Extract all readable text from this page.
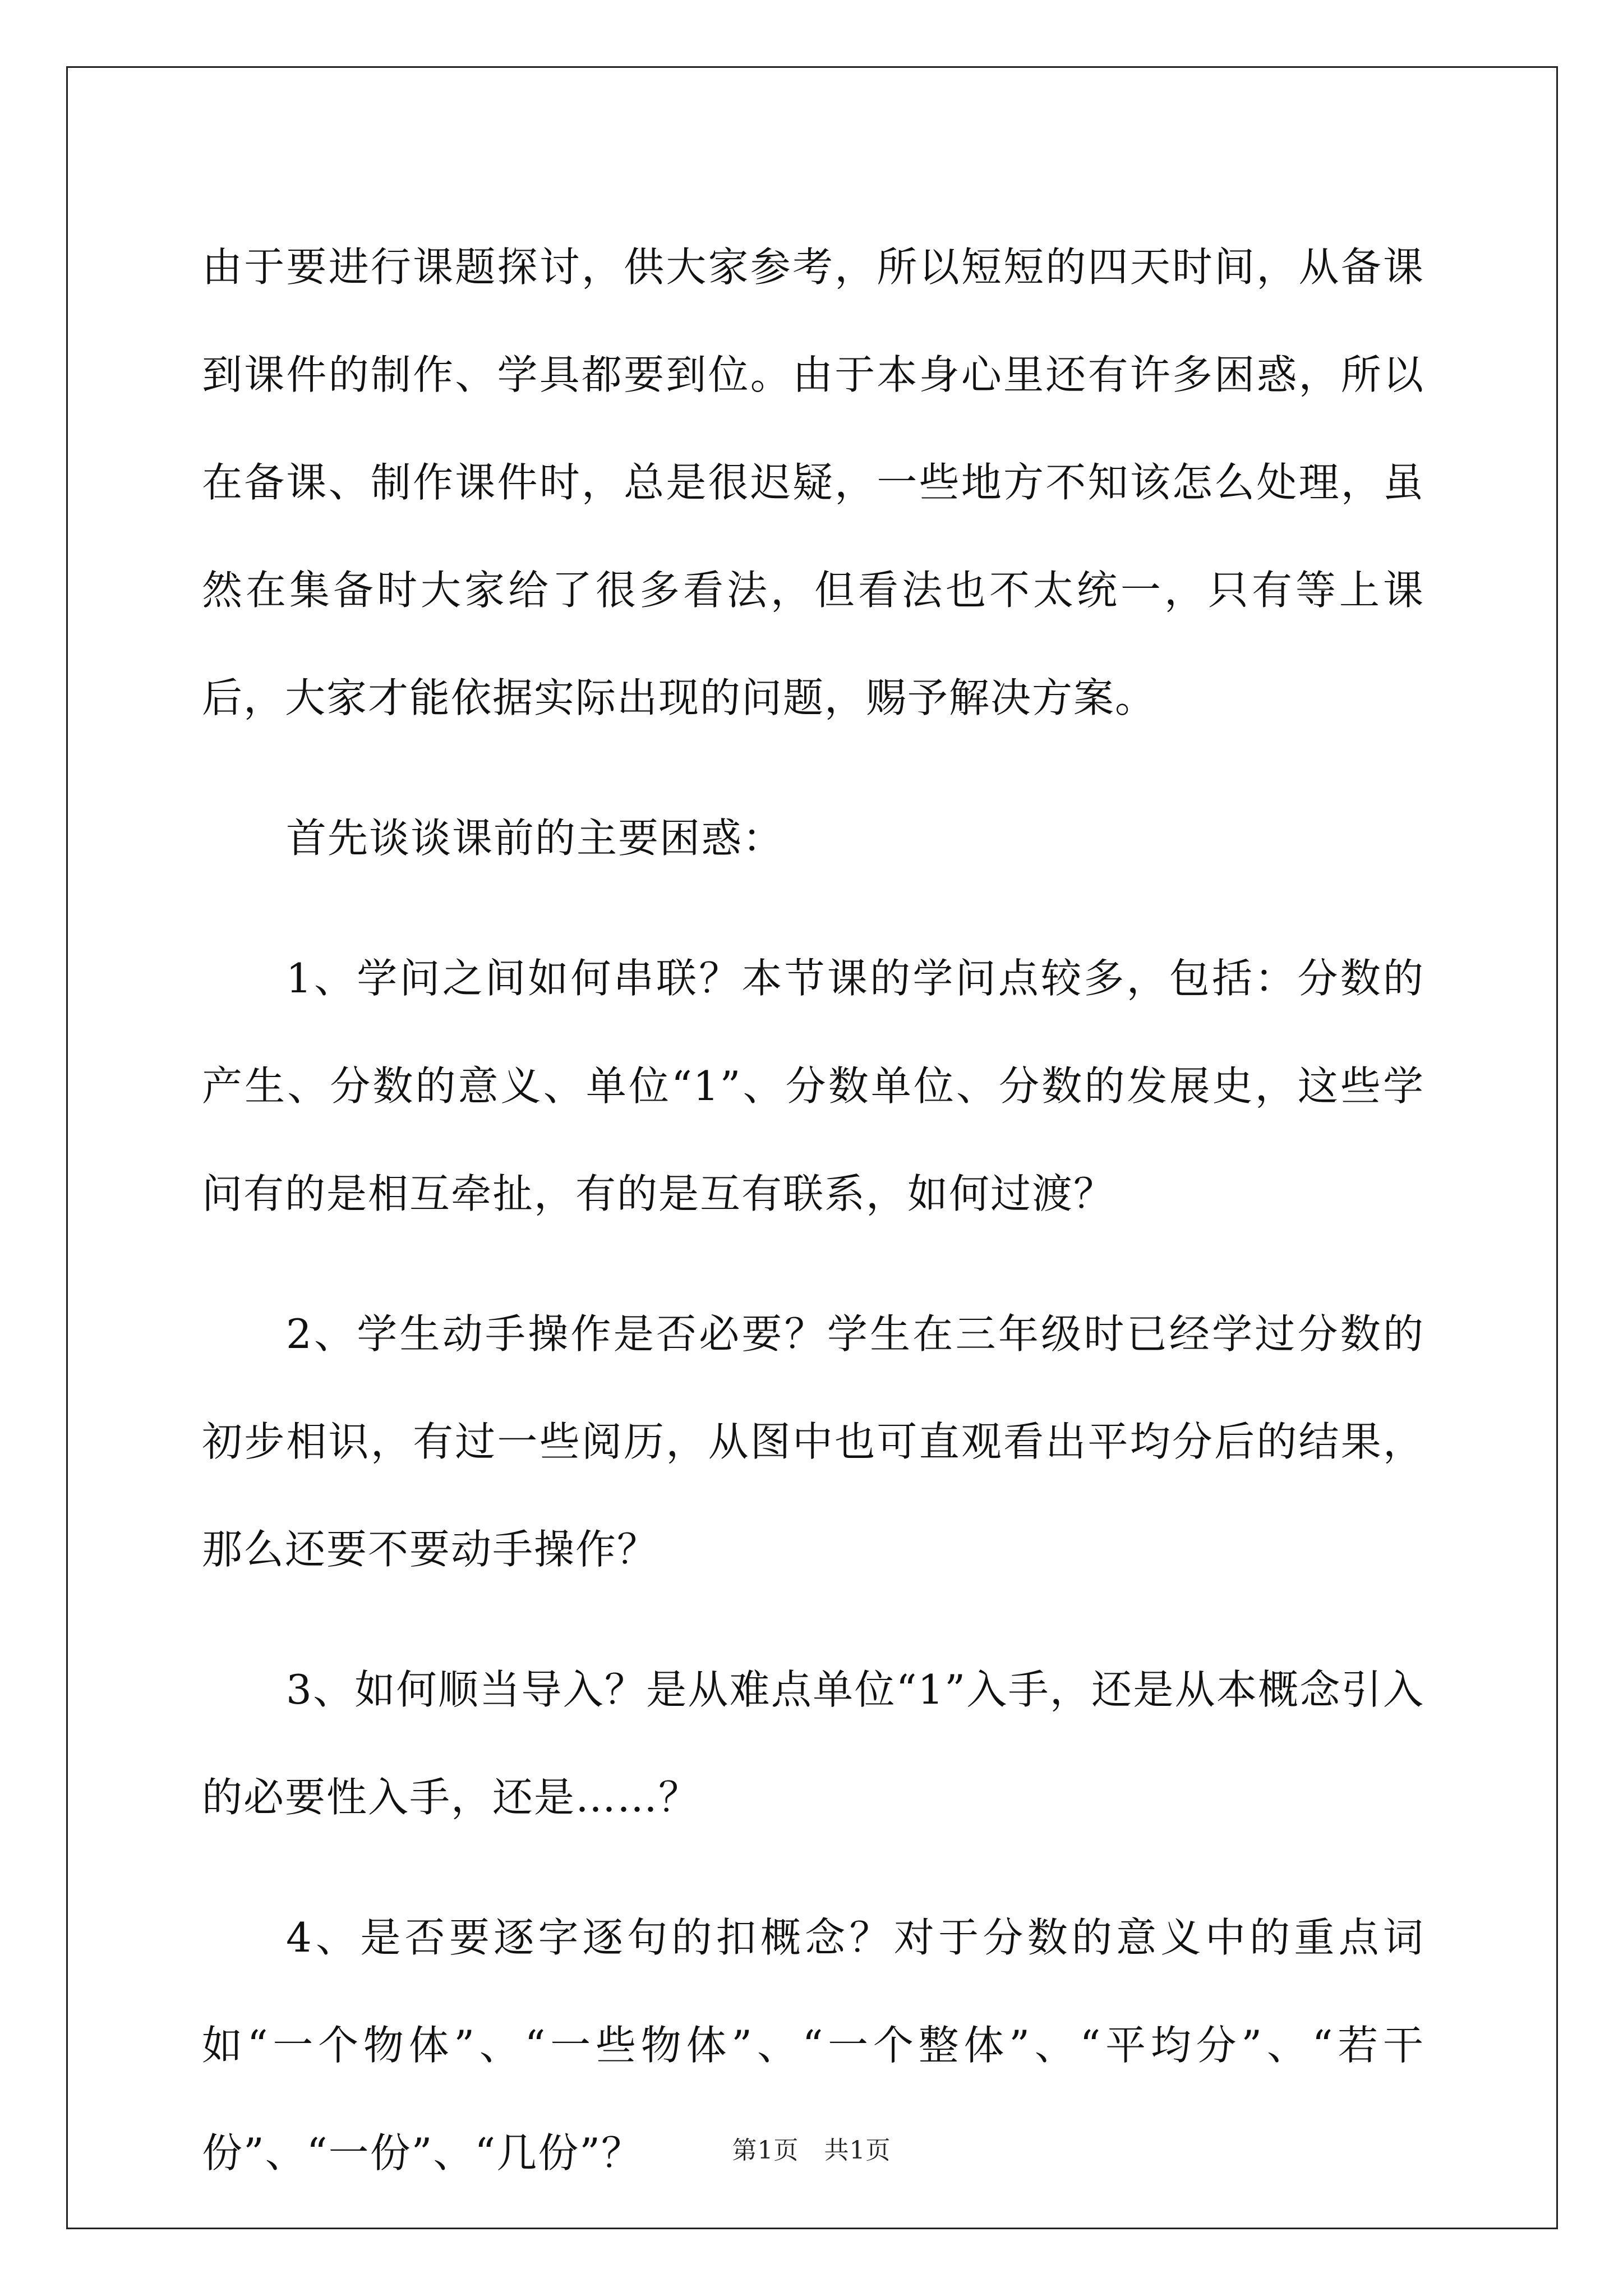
由于要进行课题探讨，供大家参考，所以短短的四天时间，从备课到课件的制作、学具都要到位。由于本身心里还有许多困惑，所以在备课、制作课件时，总是很迟疑，一些地方不知该怎么处理，虽然在集备时大家给了很多看法，但看法也不太统一，只有等上课后，大家才能依据实际出现的问题，赐予解决方案。

首先谈谈课前的主要困惑：

1、学问之间如何串联？本节课的学问点较多，包括：分数的产生、分数的意义、单位“1”、分数单位、分数的发展史，这些学问有的是相互牵扯，有的是互有联系，如何过渡？

2、学生动手操作是否必要？学生在三年级时已经学过分数的初步相识，有过一些阅历，从图中也可直观看出平均分后的结果，那么还要不要动手操作？

3、如何顺当导入？是从难点单位“1”入手，还是从本概念引入的必要性入手，还是……？

4、是否要逐字逐句的扣概念？对于分数的意义中的重点词如“一个物体”、“一些物体”、“一个整体”、“平均分”、“若干份”、“一份”、“几份”？	第1页　共1页
